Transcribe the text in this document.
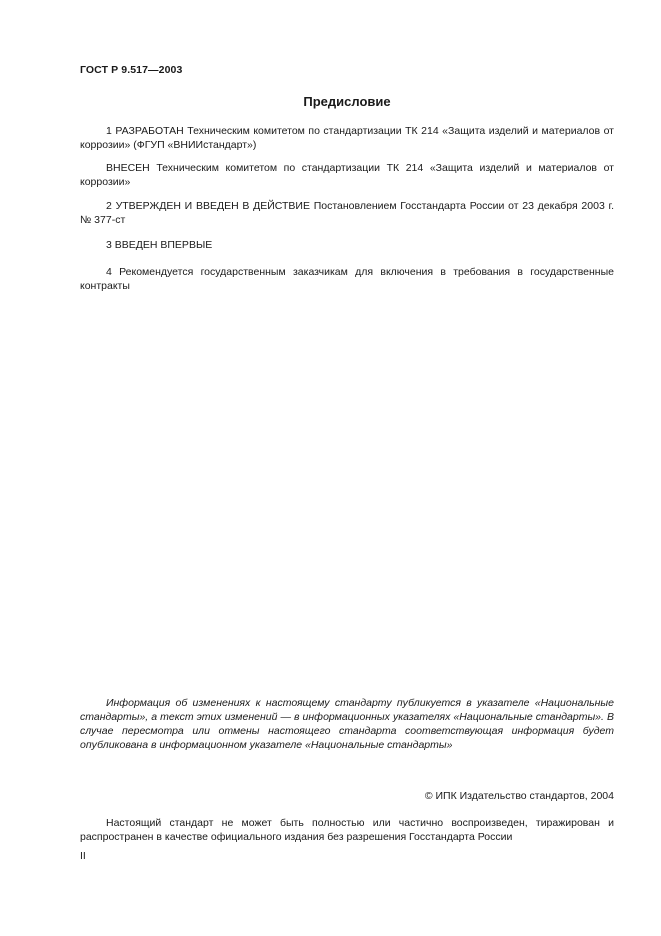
ГОСТ Р 9.517—2003
Предисловие

1 РАЗРАБОТАН Техническим комитетом по стандартизации ТК 214 «Защита изделий и материалов от коррозии» (ФГУП «ВНИИстандарт»)

ВНЕСЕН Техническим комитетом по стандартизации ТК 214 «Защита изделий и материалов от коррозии»

2 УТВЕРЖДЕН И ВВЕДЕН В ДЕЙСТВИЕ Постановлением Госстандарта России от 23 декабря 2003 г. № 377-ст

3 ВВЕДЕН ВПЕРВЫЕ

4 Рекомендуется государственным заказчикам для включения в требования в государственные контракты

Информация об изменениях к настоящему стандарту публикуется в указателе «Национальные стандарты», а текст этих изменений — в информационных указателях «Национальные стандарты». В случае пересмотра или отмены настоящего стандарта соответствующая информация будет опубликована в информационном указателе «Национальные стандарты»

© ИПК Издательство стандартов, 2004

Настоящий стандарт не может быть полностью или частично воспроизведен, тиражирован и распространен в качестве официального издания без разрешения Госстандарта России

II
